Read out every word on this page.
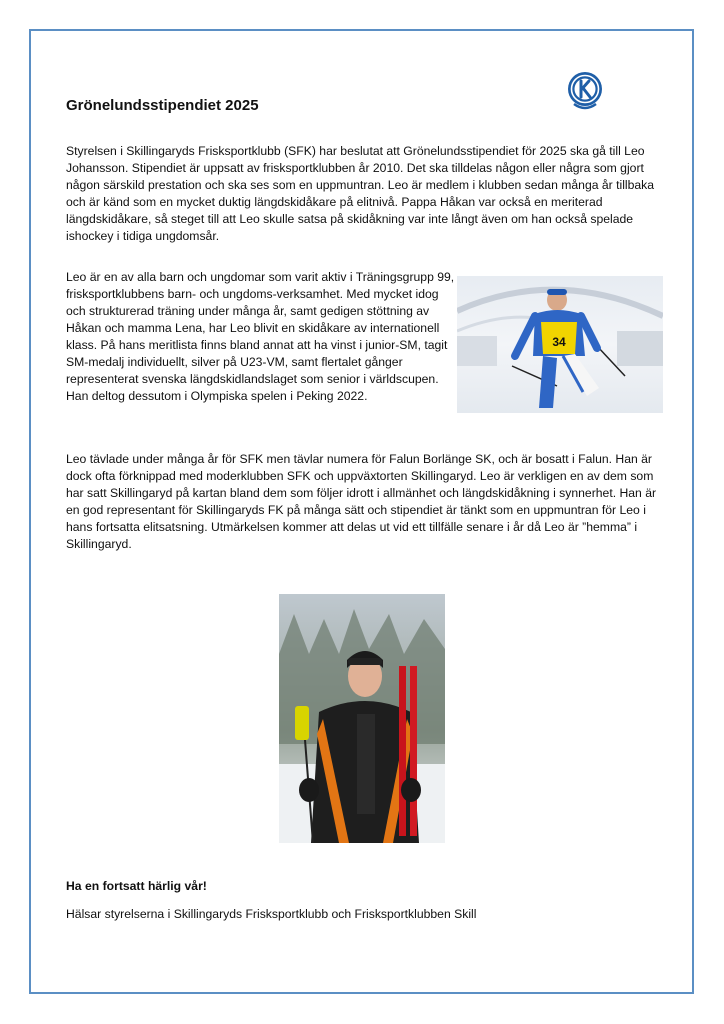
Grönelundsstipendiet 2025

Styrelsen i Skillingaryds Frisksportklubb (SFK) har beslutat att Grönelundsstipendiet för 2025 ska gå till Leo Johansson. Stipendiet är uppsatt av frisksportklubben år 2010. Det ska tilldelas någon eller några som gjort någon särskild prestation och ska ses som en uppmuntran. Leo är medlem i klubben sedan många år tillbaka och är känd som en mycket duktig längdskidåkare på elitnivå. Pappa Håkan var också en meriterad längdskidåkare, så steget till att Leo skulle satsa på skidåkning var inte långt även om han också spelade ishockey i tidiga ungdomsår.

Leo är en av alla barn och ungdomar som varit aktiv i Träningsgrupp 99, frisksportklubbens barn- och ungdoms-verksamhet. Med mycket idog och strukturerad träning under många år, samt gedigen stöttning av Håkan och mamma Lena, har Leo blivit en skidåkare av internationell klass. På hans meritlista finns bland annat att ha vinst i junior-SM, tagit SM-medalj individuellt, silver på U23-VM, samt flertalet gånger representerat svenska längdskidlandslaget som senior i världscupen. Han deltog dessutom i Olympiska spelen i Peking 2022.

34

Leo tävlade under många år för SFK men tävlar numera för Falun Borlänge SK, och är bosatt i Falun. Han är dock ofta förknippad med moderklubben SFK och uppväxtorten Skillingaryd. Leo är verkligen en av dem som har satt Skillingaryd på kartan bland dem som följer idrott i allmänhet och längdskidåkning i synnerhet. Han är en god representant för Skillingaryds FK på många sätt och stipendiet är tänkt som en uppmuntran för Leo i hans fortsatta elitsatsning. Utmärkelsen kommer att delas ut vid ett tillfälle senare i år då Leo är ”hemma” i Skillingaryd.

Ha en fortsatt härlig vår!

Hälsar styrelserna i Skillingaryds Frisksportklubb och Frisksportklubben Skill
